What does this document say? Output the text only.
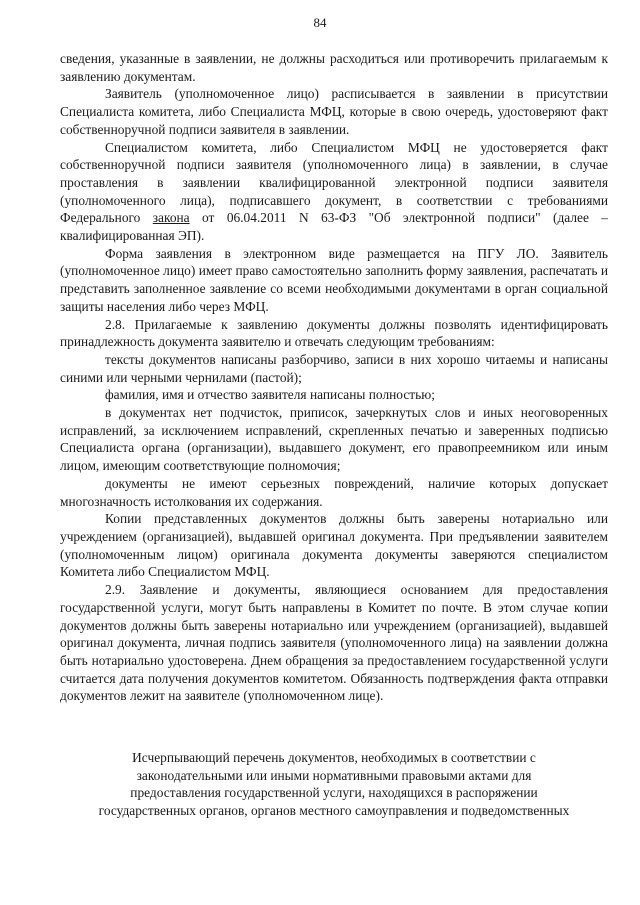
84

сведения, указанные в заявлении, не должны расходиться или противоречить прилагаемым к заявлению документам.

Заявитель (уполномоченное лицо) расписывается в заявлении в присутствии Специалиста комитета, либо Специалиста МФЦ, которые в свою очередь, удостоверяют факт собственноручной подписи заявителя в заявлении.

Специалистом комитета, либо Специалистом МФЦ не удостоверяется факт собственноручной подписи заявителя (уполномоченного лица) в заявлении, в случае проставления в заявлении квалифицированной электронной подписи заявителя (уполномоченного лица), подписавшего документ, в соответствии с требованиями Федерального закона от 06.04.2011 N 63-ФЗ "Об электронной подписи" (далее – квалифицированная ЭП).

Форма заявления в электронном виде размещается на ПГУ ЛО. Заявитель (уполномоченное лицо) имеет право самостоятельно заполнить форму заявления, распечатать и представить заполненное заявление со всеми необходимыми документами в орган социальной защиты населения либо через МФЦ.

2.8. Прилагаемые к заявлению документы должны позволять идентифицировать принадлежность документа заявителю и отвечать следующим требованиям:

тексты документов написаны разборчиво, записи в них хорошо читаемы и написаны синими или черными чернилами (пастой);

фамилия, имя и отчество заявителя написаны полностью;

в документах нет подчисток, приписок, зачеркнутых слов и иных неоговоренных исправлений, за исключением исправлений, скрепленных печатью и заверенных подписью Специалиста органа (организации), выдавшего документ, его правопреемником или иным лицом, имеющим соответствующие полномочия;

документы не имеют серьезных повреждений, наличие которых допускает многозначность истолкования их содержания.

Копии представленных документов должны быть заверены нотариально или учреждением (организацией), выдавшей оригинал документа. При предъявлении заявителем (уполномоченным лицом) оригинала документа документы заверяются специалистом Комитета либо Специалистом МФЦ.

2.9. Заявление и документы, являющиеся основанием для предоставления государственной услуги, могут быть направлены в Комитет по почте. В этом случае копии документов должны быть заверены нотариально или учреждением (организацией), выдавшей оригинал документа, личная подпись заявителя (уполномоченного лица) на заявлении должна быть нотариально удостоверена. Днем обращения за предоставлением государственной услуги считается дата получения документов комитетом. Обязанность подтверждения факта отправки документов лежит на заявителе (уполномоченном лице).

Исчерпывающий перечень документов, необходимых в соответствии с
законодательными или иными нормативными правовыми актами для
предоставления государственной услуги, находящихся в распоряжении
государственных органов, органов местного самоуправления и подведомственных
